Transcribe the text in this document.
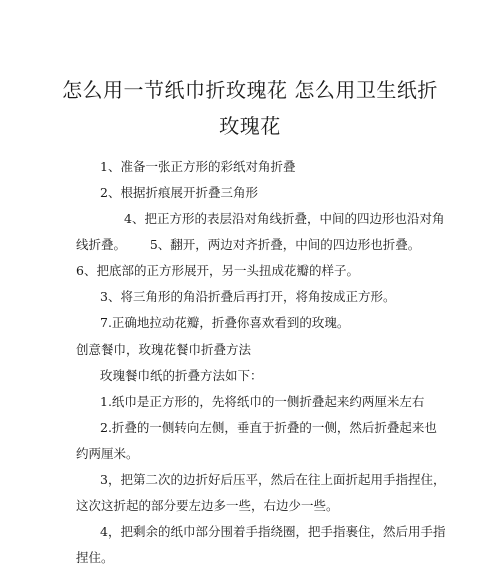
怎么用一节纸巾折玫瑰花 怎么用卫生纸折
玫瑰花

1、准备一张正方形的彩纸对角折叠

2、根据折痕展开折叠三角形

4、把正方形的表层沿对角线折叠，中间的四边形也沿对角

线折叠。      5、翻开，两边对齐折叠，中间的四边形也折叠。

6、把底部的正方形展开，另一头扭成花瓣的样子。

3、将三角形的角沿折叠后再打开，将角按成正方形。

7.正确地拉动花瓣，折叠你喜欢看到的玫瑰。

创意餐巾，玫瑰花餐巾折叠方法

玫瑰餐巾纸的折叠方法如下：

1.纸巾是正方形的，先将纸巾的一侧折叠起来约两厘米左右

2.折叠的一侧转向左侧，垂直于折叠的一侧，然后折叠起来也

约两厘米。

3，把第二次的边折好后压平，然后在往上面折起用手指捏住，

这次这折起的部分要左边多一些，右边少一些。

4，把剩余的纸巾部分围着手指绕圈，把手指裹住，然后用手指

捏住。
